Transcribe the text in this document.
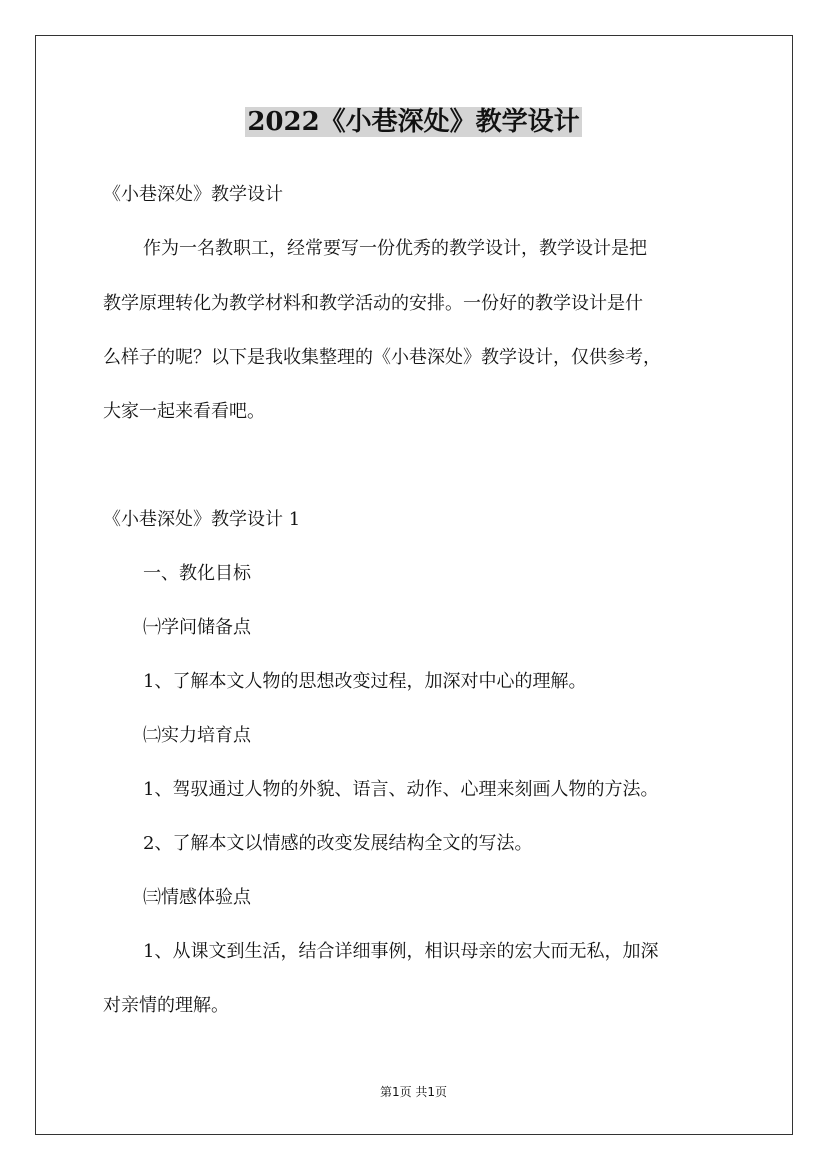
2022《小巷深处》教学设计
《小巷深处》教学设计
作为一名教职工，经常要写一份优秀的教学设计，教学设计是把
教学原理转化为教学材料和教学活动的安排。一份好的教学设计是什
么样子的呢？以下是我收集整理的《小巷深处》教学设计，仅供参考，
大家一起来看看吧。
《小巷深处》教学设计 1
一、教化目标
㈠学问储备点
1、了解本文人物的思想改变过程，加深对中心的理解。
㈡实力培育点
1、驾驭通过人物的外貌、语言、动作、心理来刻画人物的方法。
2、了解本文以情感的改变发展结构全文的写法。
㈢情感体验点
1、从课文到生活，结合详细事例，相识母亲的宏大而无私，加深
对亲情的理解。
第1页 共1页
